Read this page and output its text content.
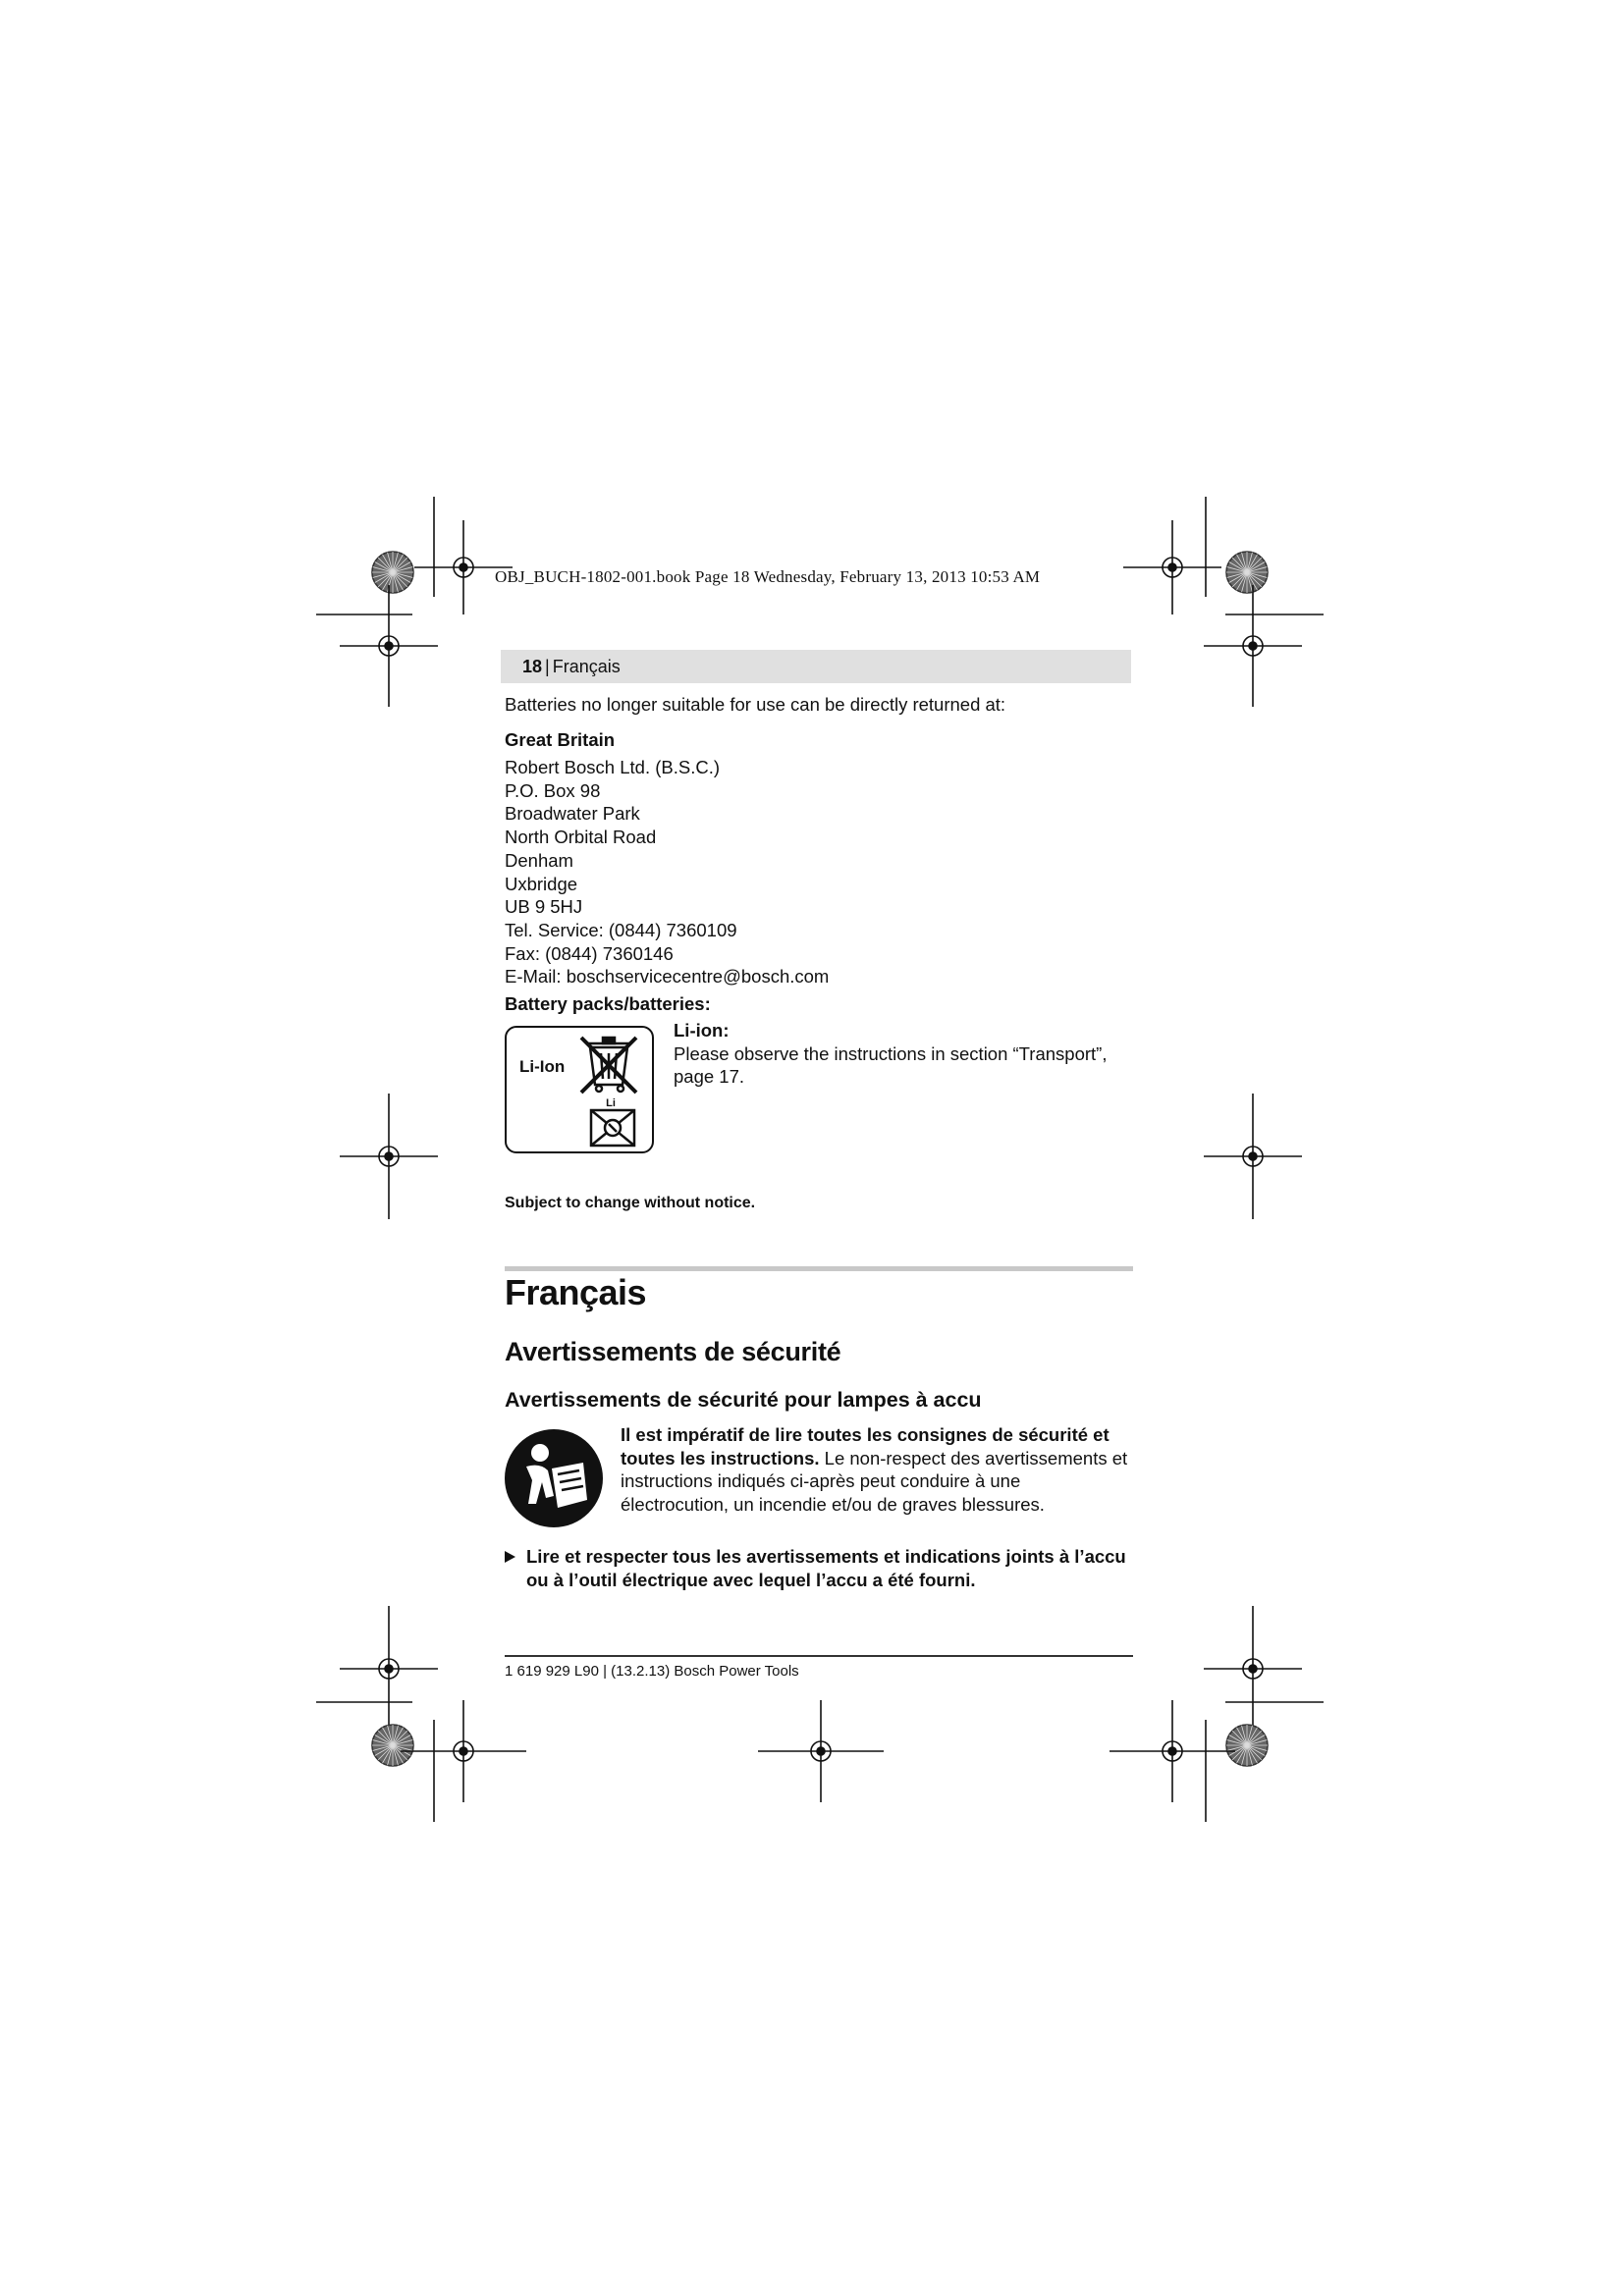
OBJ_BUCH-1802-001.book Page 18 Wednesday, February 13, 2013 10:53 AM
18 | Français
Batteries no longer suitable for use can be directly returned at:
Great Britain
Robert Bosch Ltd. (B.S.C.)
P.O. Box 98
Broadwater Park
North Orbital Road
Denham
Uxbridge
UB 9 5HJ
Tel. Service: (0844) 7360109
Fax: (0844) 7360146
E-Mail: boschservicecentre@bosch.com
Battery packs/batteries:
Li-Ion
Li
Li-ion:
Please observe the instructions in section “Transport”,
page 17.
Subject to change without notice.
Français
Avertissements de sécurité
Avertissements de sécurité pour lampes à accu
Il est impératif de lire toutes les consignes de sécurité et toutes les instructions. Le non-respect des avertissements et instructions indiqués ci-après peut conduire à une électrocution, un incendie et/ou de graves blessures.
Lire et respecter tous les avertissements et indications joints à l’accu ou à l’outil électrique avec lequel l’accu a été fourni.
1 619 929 L90 | (13.2.13) Bosch Power Tools
